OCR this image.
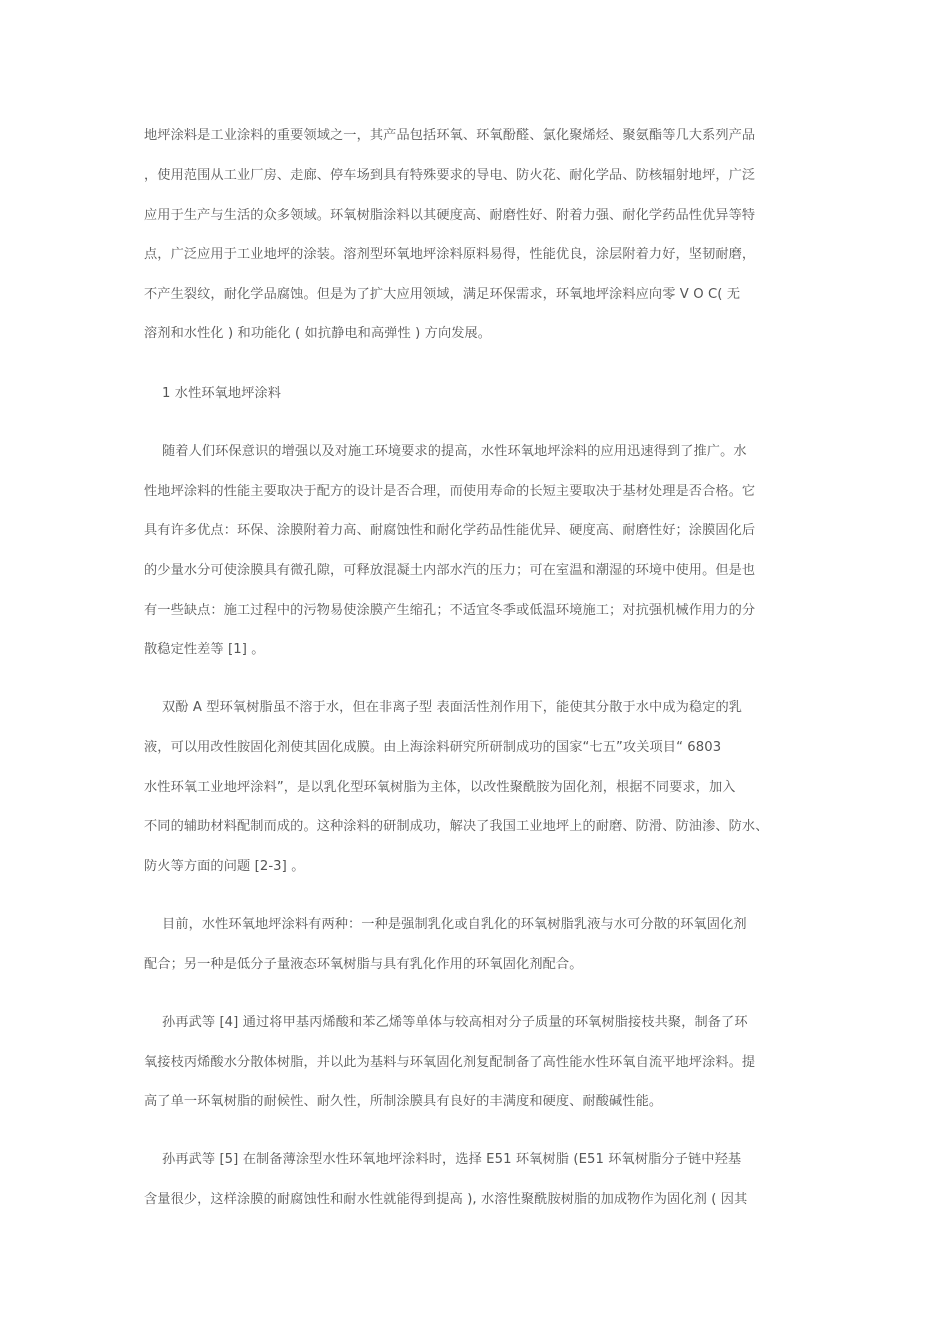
地坪涂料是工业涂料的重要领域之一，其产品包括环氧、环氧酚醛、氯化聚烯烃、聚氨酯等几大系列产品
，使用范围从工业厂房、走廊、停车场到具有特殊要求的导电、防火花、耐化学品、防核辐射地坪，广泛
应用于生产与生活的众多领域。环氧树脂涂料以其硬度高、耐磨性好、附着力强、耐化学药品性优异等特
点，广泛应用于工业地坪的涂装。溶剂型环氧地坪涂料原料易得，性能优良，涂层附着力好，坚韧耐磨，
不产生裂纹，耐化学品腐蚀。但是为了扩大应用领域，满足环保需求，环氧地坪涂料应向零 V O C( 无
溶剂和水性化 ) 和功能化 ( 如抗静电和高弹性 ) 方向发展。
1 水性环氧地坪涂料
随着人们环保意识的增强以及对施工环境要求的提高，水性环氧地坪涂料的应用迅速得到了推广。水
性地坪涂料的性能主要取决于配方的设计是否合理，而使用寿命的长短主要取决于基材处理是否合格。它
具有许多优点：环保、涂膜附着力高、耐腐蚀性和耐化学药品性能优异、硬度高、耐磨性好；涂膜固化后
的少量水分可使涂膜具有微孔隙，可释放混凝土内部水汽的压力；可在室温和潮湿的环境中使用。但是也
有一些缺点：施工过程中的污物易使涂膜产生缩孔；不适宜冬季或低温环境施工；对抗强机械作用力的分
散稳定性差等 [1] 。
双酚 A 型环氧树脂虽不溶于水，但在非离子型 表面活性剂作用下，能使其分散于水中成为稳定的乳
液，可以用改性胺固化剂使其固化成膜。由上海涂料研究所研制成功的国家“七五”攻关项目“ 6803
水性环氧工业地坪涂料”，是以乳化型环氧树脂为主体，以改性聚酰胺为固化剂，根据不同要求，加入
不同的辅助材料配制而成的。这种涂料的研制成功，解决了我国工业地坪上的耐磨、防滑、防油渗、防水、
防火等方面的问题 [2-3] 。
目前，水性环氧地坪涂料有两种：一种是强制乳化或自乳化的环氧树脂乳液与水可分散的环氧固化剂
配合；另一种是低分子量液态环氧树脂与具有乳化作用的环氧固化剂配合。
孙再武等 [4] 通过将甲基丙烯酸和苯乙烯等单体与较高相对分子质量的环氧树脂接枝共聚，制备了环
氧接枝丙烯酸水分散体树脂，并以此为基料与环氧固化剂复配制备了高性能水性环氧自流平地坪涂料。提
高了单一环氧树脂的耐候性、耐久性，所制涂膜具有良好的丰满度和硬度、耐酸碱性能。
孙再武等 [5] 在制备薄涂型水性环氧地坪涂料时，选择 E51 环氧树脂 (E51 环氧树脂分子链中羟基
含量很少，这样涂膜的耐腐蚀性和耐水性就能得到提高 ), 水溶性聚酰胺树脂的加成物作为固化剂 ( 因其
